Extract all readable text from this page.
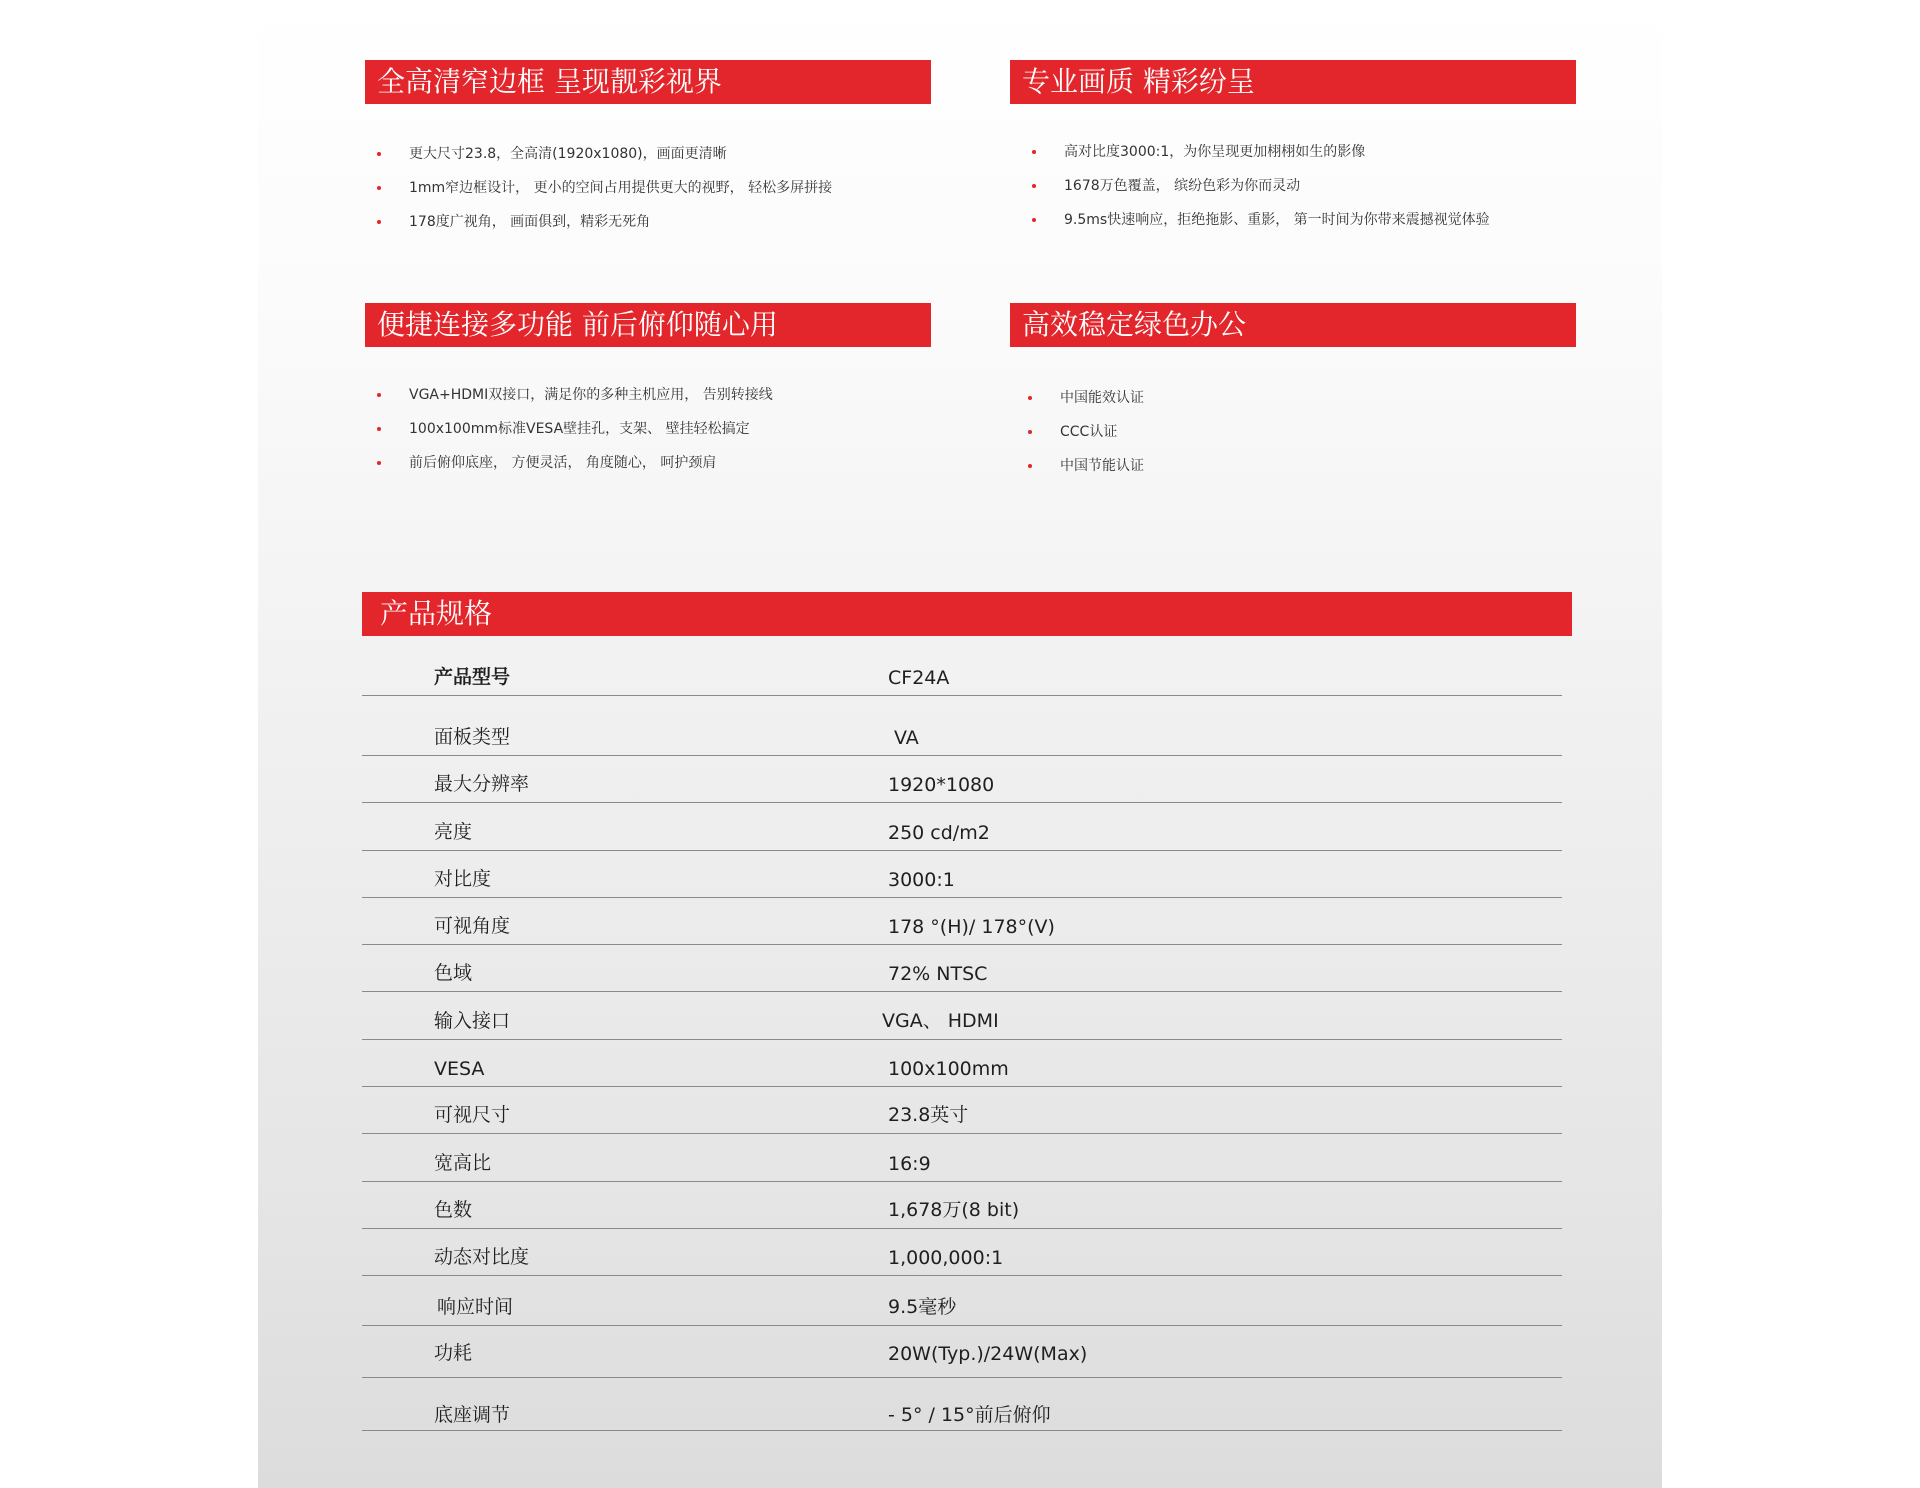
全高清窄边框 呈现靓彩视界
更大尺寸23.8，全高清(1920x1080)，画面更清晰
1mm窄边框设计， 更小的空间占用提供更大的视野， 轻松多屏拼接
178度广视角， 画面俱到，精彩无死角
专业画质 精彩纷呈
高对比度3000:1，为你呈现更加栩栩如生的影像
1678万色覆盖， 缤纷色彩为你而灵动
9.5ms快速响应，拒绝拖影、重影， 第一时间为你带来震撼视觉体验
便捷连接多功能 前后俯仰随心用
VGA+HDMI双接口，满足你的多种主机应用， 告别转接线
100x100mm标准VESA壁挂孔，支架、 壁挂轻松搞定
前后俯仰底座， 方便灵活， 角度随心， 呵护颈肩
高效稳定绿色办公
中国能效认证
CCC认证
中国节能认证
产品规格
产品型号	CF24A
面板类型	VA
最大分辨率	1920*1080
亮度	250 cd/m2
对比度	3000:1
可视角度	178 °(H)/ 178°(V)
色域	72% NTSC
输入接口	VGA、 HDMI
VESA	100x100mm
可视尺寸	23.8英寸
宽高比	16:9
色数	1,678万(8 bit)
动态对比度	1,000,000:1
响应时间	9.5毫秒
功耗	20W(Typ.)/24W(Max)
底座调节	- 5° / 15°前后俯仰
